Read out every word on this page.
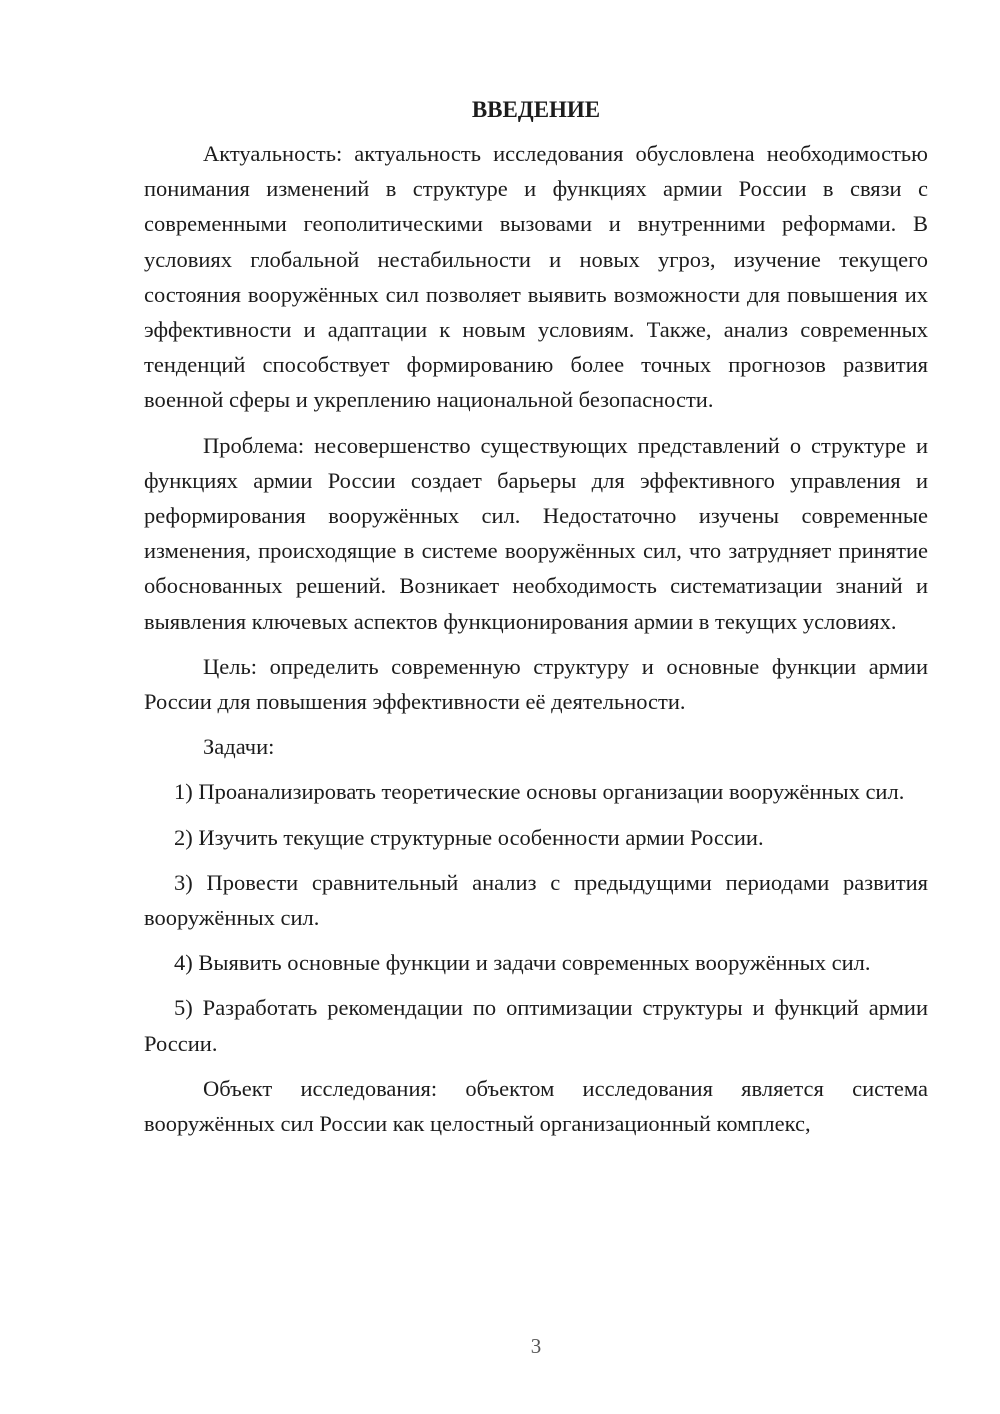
ВВЕДЕНИЕ

Актуальность: актуальность исследования обусловлена необходимостью понимания изменений в структуре и функциях армии России в связи с современными геополитическими вызовами и внутренними реформами. В условиях глобальной нестабильности и новых угроз, изучение текущего состояния вооружённых сил позволяет выявить возможности для повышения их эффективности и адаптации к новым условиям. Также, анализ современных тенденций способствует формированию более точных прогнозов развития военной сферы и укреплению национальной безопасности.

Проблема: несовершенство существующих представлений о структуре и функциях армии России создает барьеры для эффективного управления и реформирования вооружённых сил. Недостаточно изучены современные изменения, происходящие в системе вооружённых сил, что затрудняет принятие обоснованных решений. Возникает необходимость систематизации знаний и выявления ключевых аспектов функционирования армии в текущих условиях.

Цель: определить современную структуру и основные функции армии России для повышения эффективности её деятельности.

Задачи:

1) Проанализировать теоретические основы организации вооружённых сил.

2) Изучить текущие структурные особенности армии России.

3) Провести сравнительный анализ с предыдущими периодами развития вооружённых сил.

4) Выявить основные функции и задачи современных вооружённых сил.

5) Разработать рекомендации по оптимизации структуры и функций армии России.

Объект исследования: объектом исследования является система вооружённых сил России как целостный организационный комплекс,

3
